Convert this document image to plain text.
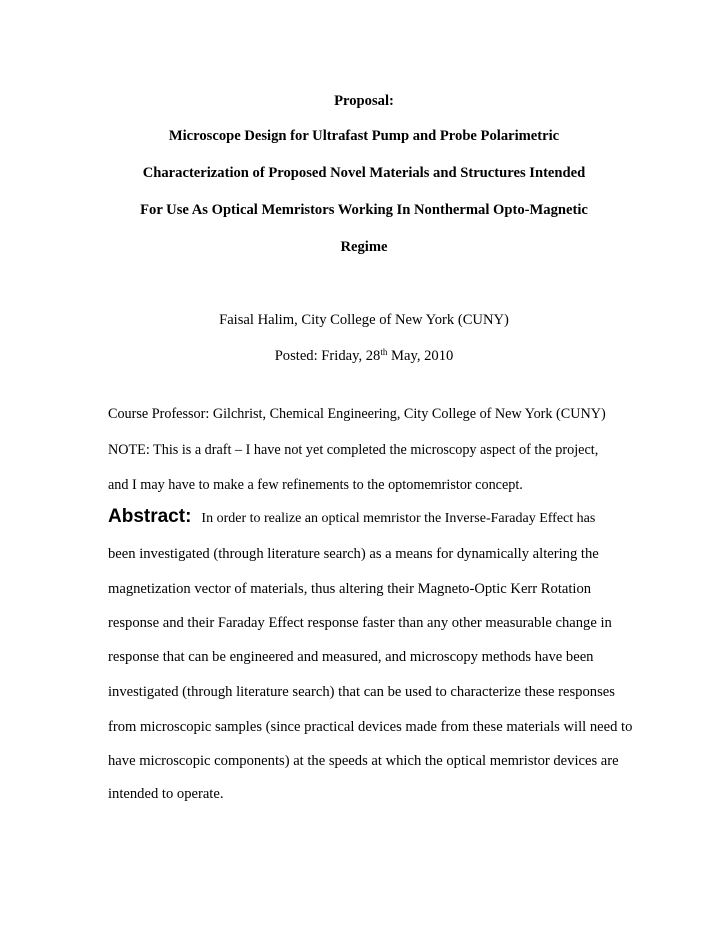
Proposal:
Microscope Design for Ultrafast Pump and Probe Polarimetric
Characterization of Proposed Novel Materials and Structures Intended
For Use As Optical Memristors Working In Nonthermal Opto-Magnetic
Regime
Faisal Halim, City College of New York (CUNY)
Posted: Friday, 28th May, 2010
Course Professor: Gilchrist, Chemical Engineering, City College of New York (CUNY)
NOTE: This is a draft – I have not yet completed the microscopy aspect of the project,
and I may have to make a few refinements to the optomemristor concept.
Abstract: In order to realize an optical memristor the Inverse-Faraday Effect has
been investigated (through literature search) as a means for dynamically altering the
magnetization vector of materials, thus altering their Magneto-Optic Kerr Rotation
response and their Faraday Effect response faster than any other measurable change in
response that can be engineered and measured, and microscopy methods have been
investigated (through literature search) that can be used to characterize these responses
from microscopic samples (since practical devices made from these materials will need to
have microscopic components) at the speeds at which the optical memristor devices are
intended to operate.
